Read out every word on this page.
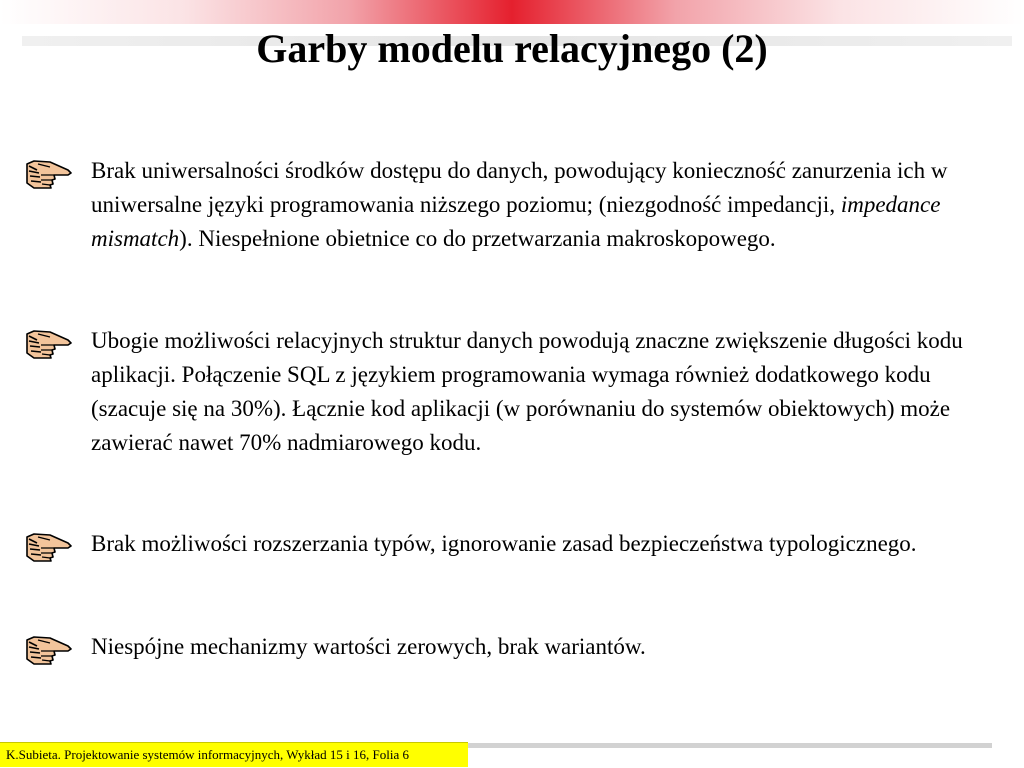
Garby modelu relacyjnego (2)

Brak uniwersalności środków dostępu do danych, powodujący konieczność zanurzenia ich w uniwersalne języki programowania niższego poziomu; (niezgodność impedancji, impedance mismatch). Niespełnione obietnice co do przetwarzania makroskopowego.

Ubogie możliwości relacyjnych struktur danych powodują znaczne zwiększenie długości kodu aplikacji. Połączenie SQL z językiem programowania wymaga również dodatkowego kodu (szacuje się na 30%). Łącznie kod aplikacji (w porównaniu do systemów obiektowych) może zawierać nawet 70% nadmiarowego kodu.

Brak możliwości rozszerzania typów, ignorowanie zasad bezpieczeństwa typologicznego.

Niespójne mechanizmy wartości zerowych, brak wariantów.

K.Subieta. Projektowanie systemów informacyjnych, Wykład 15 i 16, Folia 6
